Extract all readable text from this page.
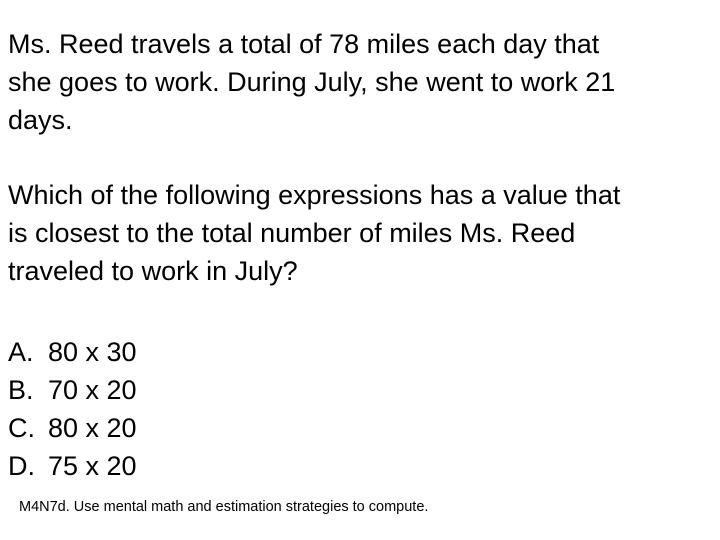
Ms. Reed travels a total of 78 miles each day that
she goes to work. During July, she went to work 21
days.
Which of the following expressions has a value that
is closest to the total number of miles Ms. Reed
traveled to work in July?
A. 80 x 30
B. 70 x 20
C. 80 x 20
D. 75 x 20
M4N7d. Use mental math and estimation strategies to compute.
